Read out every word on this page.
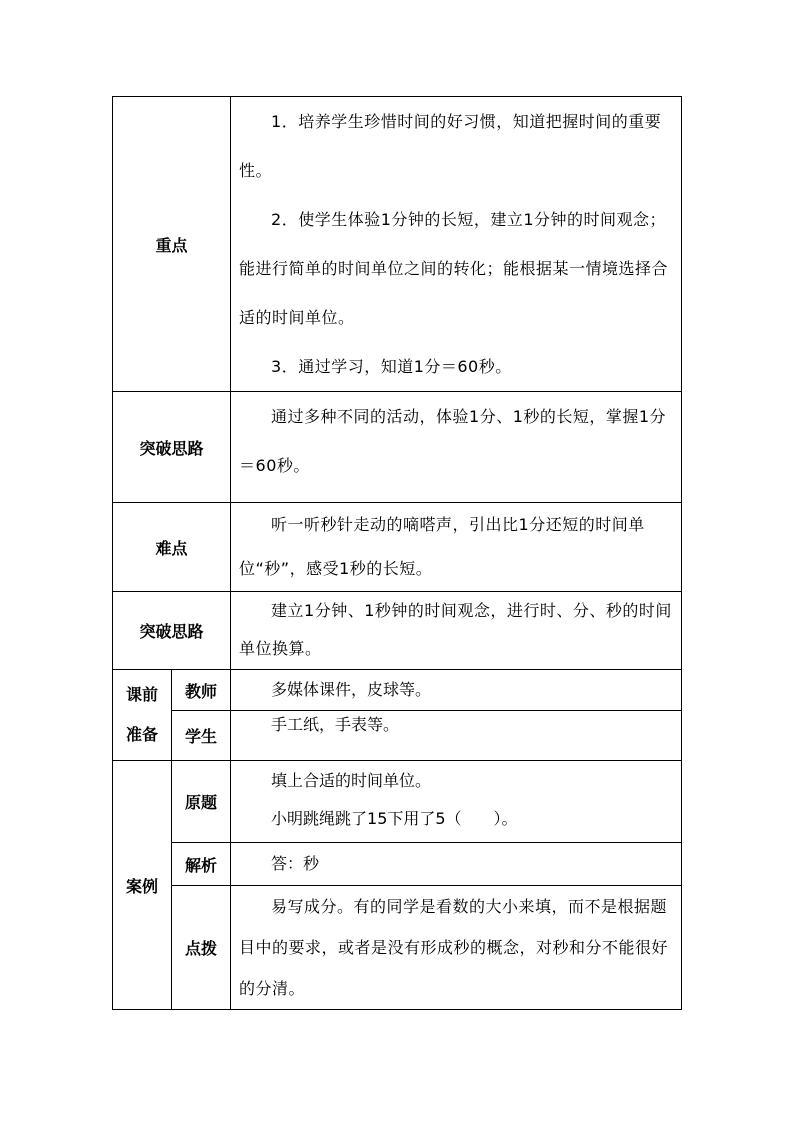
重点		1．培养学生珍惜时间的好习惯，知道把握时间的重要性。

2．使学生体验1分钟的长短，建立1分钟的时间观念；能进行简单的时间单位之间的转化；能根据某一情境选择合适的时间单位。

3．通过学习，知道1分＝60秒。

突破思路		通过多种不同的活动，体验1分、1秒的长短，掌握1分＝60秒。

难点		听一听秒针走动的嘀嗒声，引出比1分还短的时间单位“秒”，感受1秒的长短。

突破思路		建立1分钟、1秒钟的时间观念，进行时、分、秒的时间单位换算。

课前
准备	教师	多媒体课件，皮球等。

	学生	手工纸，手表等。

案例	原题	填上合适的时间单位。

小明跳绳跳了15下用了5（　　）。

	解析	答：秒

	点拨	易写成分。有的同学是看数的大小来填，而不是根据题目中的要求，或者是没有形成秒的概念，对秒和分不能很好的分清。
